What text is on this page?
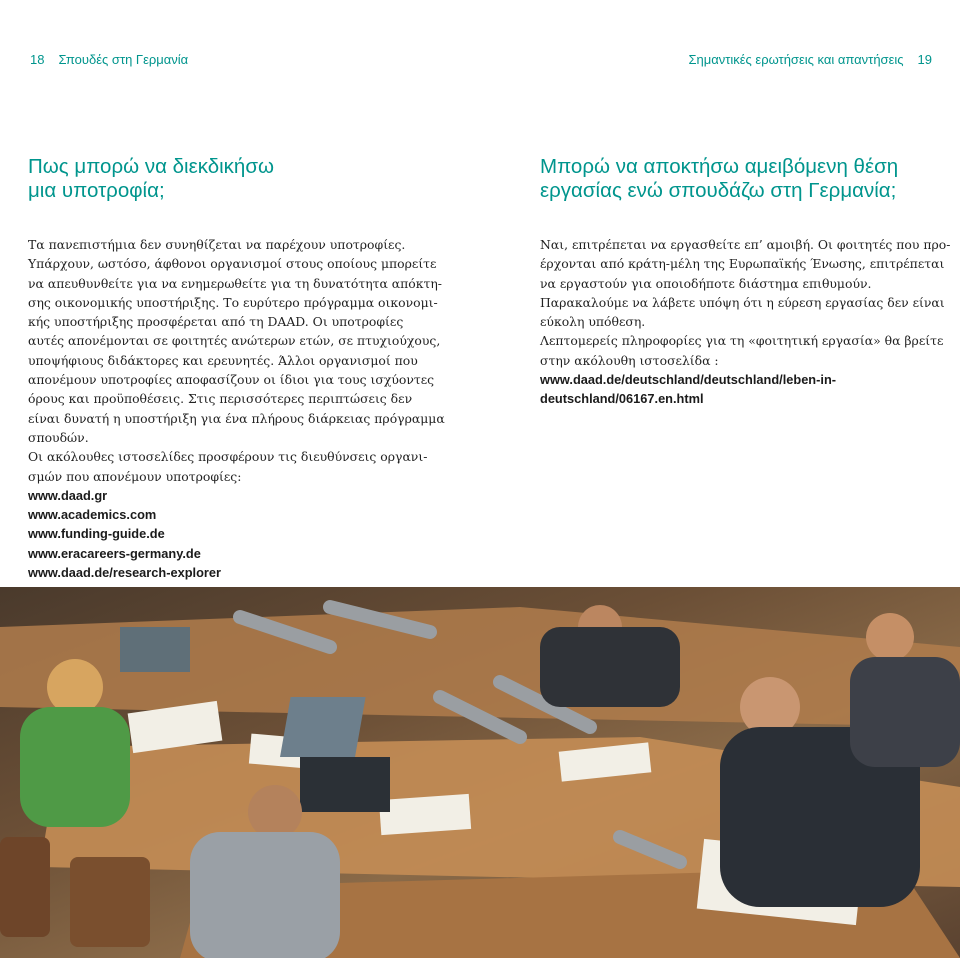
18 Σπουδές στη Γερμανία	Σημαντικές ερωτήσεις και απαντήσεις 19
Πως μπορώ να διεκδικήσω
μια υποτροφία;
Μπορώ να αποκτήσω αμειβόμενη θέση
εργασίας ενώ σπουδάζω στη Γερμανία;

Τα πανεπιστήμια δεν συνηθίζεται να παρέχουν υποτροφίες.

Υπάρχουν, ωστόσο, άφθονοι οργανισμοί στους οποίους μπορείτε

να απευθυνθείτε για να ενημερωθείτε για τη δυνατότητα απόκτη-

σης οικονομικής υποστήριξης. Το ευρύτερο πρόγραμμα οικονομι-

κής υποστήριξης προσφέρεται από τη DAAD. Οι υποτροφίες

αυτές απονέμονται σε φοιτητές ανώτερων ετών, σε πτυχιούχους,

υποψήφιους διδάκτορες και ερευνητές. Άλλοι οργανισμοί που

απονέμουν υποτροφίες αποφασίζουν οι ίδιοι για τους ισχύοντες

όρους και προϋποθέσεις. Στις περισσότερες περιπτώσεις δεν

είναι δυνατή η υποστήριξη για ένα πλήρους διάρκειας πρόγραμμα

σπουδών.

Οι ακόλουθες ιστοσελίδες προσφέρουν τις διευθύνσεις οργανι-

σμών που απονέμουν υποτροφίες:

www.daad.gr
www.academics.com
www.funding-guide.de
www.eracareers-germany.de
www.daad.de/research-explorer

Ναι, επιτρέπεται να εργασθείτε επ’ αμοιβή. Οι φοιτητές που προ-

έρχονται από κράτη-μέλη της Ευρωπαϊκής Ένωσης, επιτρέπεται

να εργαστούν για οποιοδήποτε διάστημα επιθυμούν.

Παρακαλούμε να λάβετε υπόψη ότι η εύρεση εργασίας δεν είναι

εύκολη υπόθεση.

Λεπτομερείς πληροφορίες για τη «φοιτητική εργασία» θα βρείτε

στην ακόλουθη ιστοσελίδα :

www.daad.de/deutschland/deutschland/leben-in-
deutschland/06167.en.html
